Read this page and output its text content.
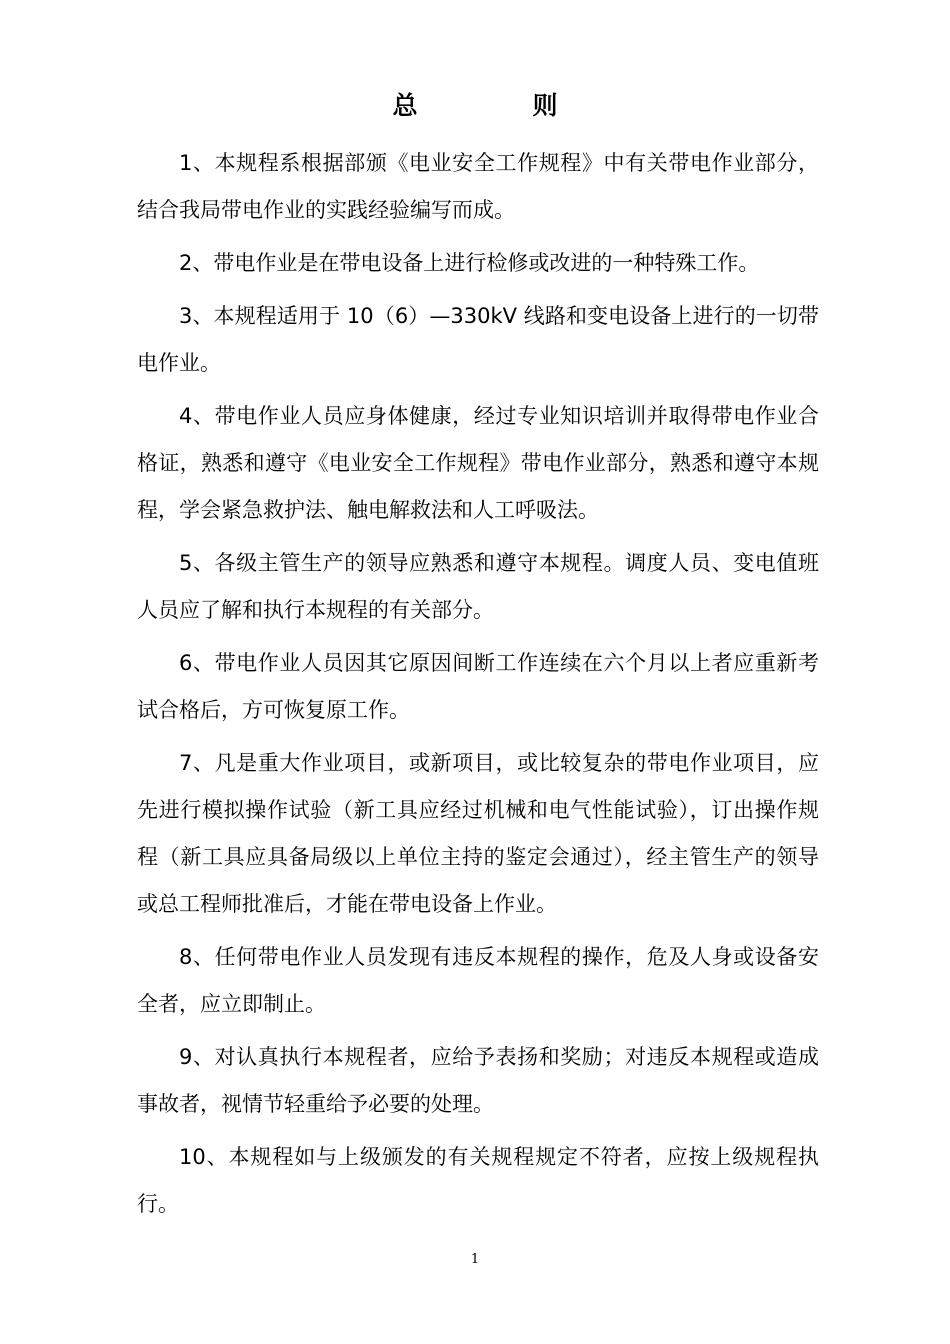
总	则

1、本规程系根据部颁《电业安全工作规程》中有关带电作业部分，结合我局带电作业的实践经验编写而成。

2、带电作业是在带电设备上进行检修或改进的一种特殊工作。

3、本规程适用于 10（6）—330kV 线路和变电设备上进行的一切带电作业。

4、带电作业人员应身体健康，经过专业知识培训并取得带电作业合格证，熟悉和遵守《电业安全工作规程》带电作业部分，熟悉和遵守本规程，学会紧急救护法、触电解救法和人工呼吸法。

5、各级主管生产的领导应熟悉和遵守本规程。调度人员、变电值班人员应了解和执行本规程的有关部分。

6、带电作业人员因其它原因间断工作连续在六个月以上者应重新考试合格后，方可恢复原工作。

7、凡是重大作业项目，或新项目，或比较复杂的带电作业项目，应先进行模拟操作试验（新工具应经过机械和电气性能试验），订出操作规程（新工具应具备局级以上单位主持的鉴定会通过），经主管生产的领导或总工程师批准后，才能在带电设备上作业。

8、任何带电作业人员发现有违反本规程的操作，危及人身或设备安全者，应立即制止。

9、对认真执行本规程者，应给予表扬和奖励；对违反本规程或造成事故者，视情节轻重给予必要的处理。

10、本规程如与上级颁发的有关规程规定不符者，应按上级规程执行。

1
